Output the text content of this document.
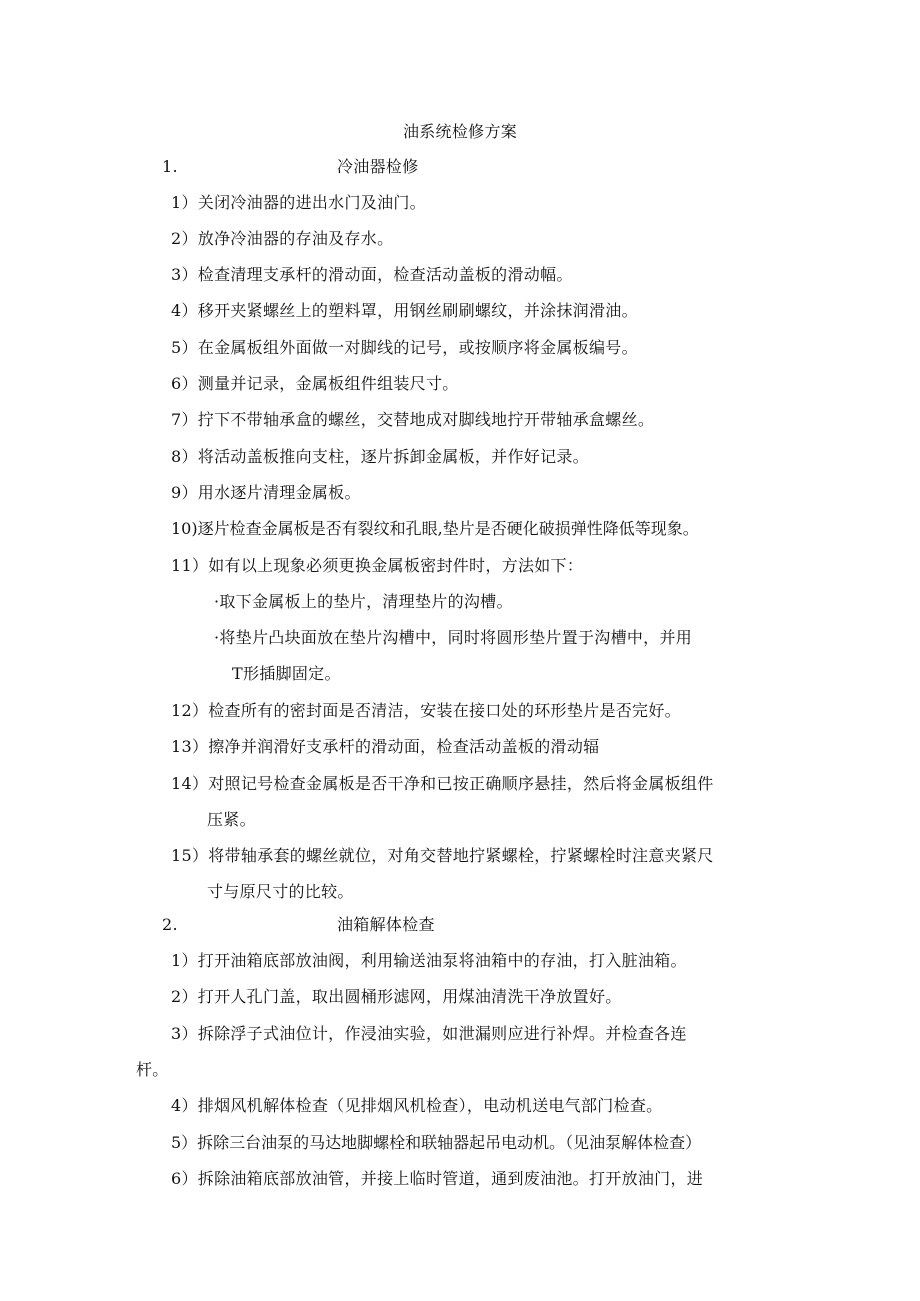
油系统检修方案
1.	冷油器检修
1）关闭冷油器的进出水门及油门。
2）放净冷油器的存油及存水。
3）检查清理支承杆的滑动面，检查活动盖板的滑动幅。
4）移开夹紧螺丝上的塑料罩，用钢丝刷刷螺纹，并涂抹润滑油。
5）在金属板组外面做一对脚线的记号，或按顺序将金属板编号。
6）测量并记录，金属板组件组装尺寸。
7）拧下不带轴承盒的螺丝，交替地成对脚线地拧开带轴承盒螺丝。
8）将活动盖板推向支柱，逐片拆卸金属板，并作好记录。
9）用水逐片清理金属板。
10)逐片检查金属板是否有裂纹和孔眼,垫片是否硬化破损弹性降低等现象。
11）如有以上现象必须更换金属板密封件时，方法如下：
·取下金属板上的垫片，清理垫片的沟槽。
·将垫片凸块面放在垫片沟槽中，同时将圆形垫片置于沟槽中，并用
T形插脚固定。
12）检查所有的密封面是否清洁，安装在接口处的环形垫片是否完好。
13）擦净并润滑好支承杆的滑动面，检查活动盖板的滑动辐
14）对照记号检查金属板是否干净和已按正确顺序悬挂，然后将金属板组件
压紧。
15）将带轴承套的螺丝就位，对角交替地拧紧螺栓，拧紧螺栓时注意夹紧尺
寸与原尺寸的比较。
2.	油箱解体检查
1）打开油箱底部放油阀，利用输送油泵将油箱中的存油，打入脏油箱。
2）打开人孔门盖，取出圆桶形滤网，用煤油清洗干净放置好。
3）拆除浮子式油位计，作浸油实验，如泄漏则应进行补焊。并检查各连
杆。
4）排烟风机解体检查（见排烟风机检查），电动机送电气部门检查。
5）拆除三台油泵的马达地脚螺栓和联轴器起吊电动机。（见油泵解体检查）
6）拆除油箱底部放油管，并接上临时管道，通到废油池。打开放油门，进
